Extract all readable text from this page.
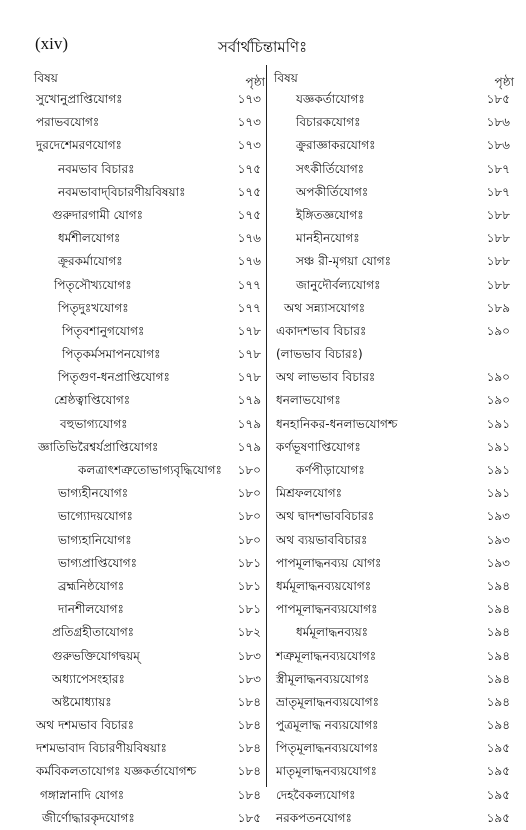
(xiv)	সর্বার্থচিন্তামণিঃ
বিষয়	পৃষ্ঠা
সুখোনুপ্রাপ্তিযোগঃ	১৭৩
পরাভবযোগঃ	১৭৩
দুরদেশেমরণযোগঃ	১৭৩
নবমভাব বিচারঃ	১৭৫
নবমভাবাদ্‌বিচারণীয়বিষয়াঃ	১৭৫
গুরুদারগামী যোগঃ	১৭৫
ধর্মশীলযোগঃ	১৭৬
ক্রূরকর্মাযোগঃ	১৭৬
পিতৃসৌখ্যযোগঃ	১৭৭
পিতৃদুঃখযোগঃ	১৭৭
পিতৃবশানুগযোগঃ	১৭৮
পিতৃকর্মসমাপনযোগঃ	১৭৮
পিতৃগুণ-ধনপ্রাপ্তিযোগঃ	১৭৮
শ্রেষ্ঠত্বাপ্তিযোগঃ	১৭৯
বহুভাগ্যযোগঃ	১৭৯
জ্ঞাতিভিরৈশ্বর্যপ্রাপ্তিযোগঃ	১৭৯
কলত্রাৎশত্রুতোভাগ্যবৃদ্ধিযোগঃ ১৮০
ভাগ্যহীনযোগঃ	১৮০
ভাগ্যোদয়যোগঃ	১৮০
ভাগ্যহানিযোগঃ	১৮০
ভাগ্যপ্রাপ্তিযোগঃ	১৮১
ব্রহ্মনিষ্ঠযোগঃ	১৮১
দানশীলযোগঃ	১৮১
প্রতিগ্রহীতাযোগঃ	১৮২
গুরুভক্তিযোগদ্বয়ম্‌	১৮৩
অধ্যাপেসংহারঃ	১৮৩
অষ্টমোধ্যায়ঃ	১৮৪
অথ দশমভাব বিচারঃ	১৮৪
দশমভাবাদ বিচারণীয়বিষয়াঃ	১৮৪
কর্মবিকলতাযোগঃ যজ্ঞকর্তাযোগশ্চ	১৮৪
গঙ্গাস্নানাদি যোগঃ	১৮৪
জীর্ণোদ্ধারকৃদযোগঃ	১৮৫
বিষয়	পৃষ্ঠা
যজ্ঞকর্তাযোগঃ	১৮৫
বিচারকযোগঃ	১৮৬
ক্রুরাজ্ঞাকরযোগঃ	১৮৬
সৎকীর্তিযোগঃ	১৮৭
অপকীর্তিযোগঃ	১৮৭
ইঙ্গিতজ্ঞযোগঃ	১৮৮
মানহীনযোগঃ	১৮৮
সঞ্চ রী-মৃগয়া যোগঃ	১৮৮
জানুদৌর্বল্যযোগঃ	১৮৮
অথ সন্ন্যাসযোগঃ	১৮৯
একাদশভাব বিচারঃ	১৯০
(লাভভাব বিচারঃ)
অথ লাভভাব বিচারঃ	১৯০
ধনলাভযোগঃ	১৯০
ধনহানিকর-ধনলাভযোগশ্চ	১৯১
কর্ণভূষণাপ্তিযোগঃ	১৯১
কর্ণপীড়াযোগঃ	১৯১
মিশ্রফলযোগঃ	১৯১
অথ দ্বাদশভাববিচারঃ	১৯৩
অথ ব্যয়ভাববিচারঃ	১৯৩
পাপমূলাদ্ধনব্যয় যোগঃ	১৯৩
ধর্মমূলাদ্ধনব্যয়যোগঃ	১৯৪
পাপমূলাদ্ধনব্যয়যোগঃ	১৯৪
ধর্মমূলাদ্ধনব্যয়ঃ	১৯৪
শত্রুমূলাদ্ধনব্যয়যোগঃ	১৯৪
স্ত্রীমূলাদ্ধনব্যয়যোগঃ	১৯৪
ভ্রাতৃমূলাদ্ধনব্যয়যোগঃ	১৯৪
পুত্রমূলাদ্ধ নব্যয়যোগঃ	১৯৪
পিতৃমূলাদ্ধনব্যয়যোগঃ	১৯৫
মাতৃমূলাদ্ধনব্যয়যোগঃ	১৯৫
দেহবৈকল্যযোগঃ	১৯৫
নরকপতনযোগঃ	১৯৫
